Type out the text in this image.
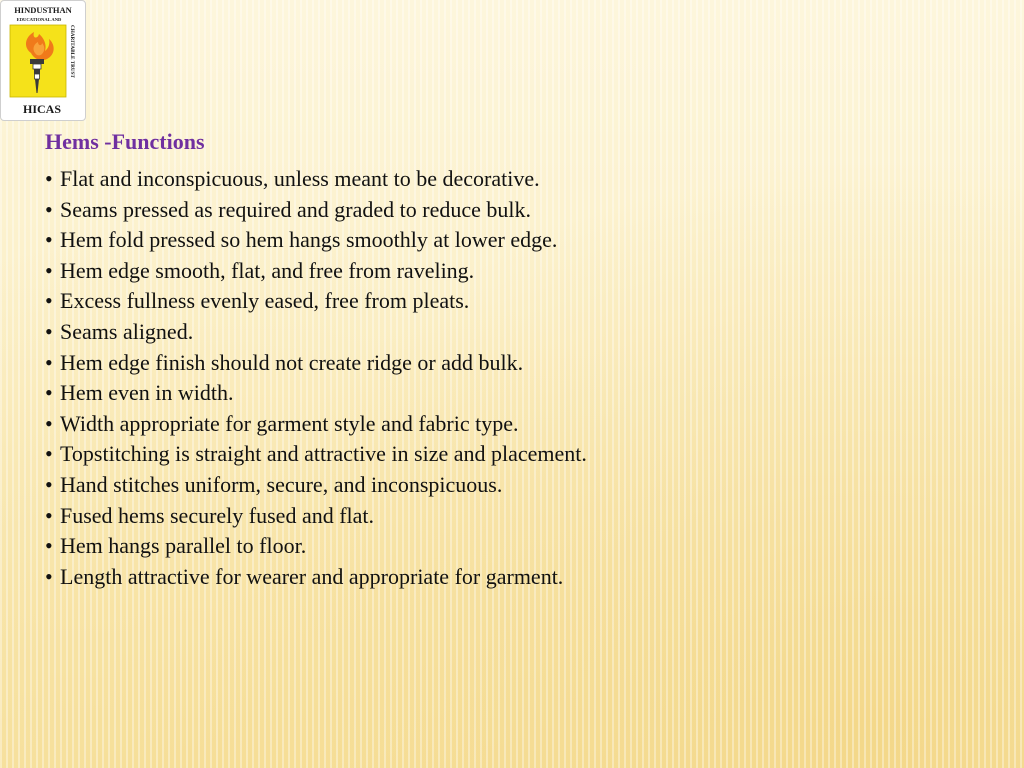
HINDUSTHAN
EDUCATIONAL AND
CHARITABLE TRUST
HICAS
Hems -Functions
• Flat and inconspicuous, unless meant to be decorative.
• Seams pressed as required and graded to reduce bulk.
• Hem fold pressed so hem hangs smoothly at lower edge.
• Hem edge smooth, flat, and free from raveling.
• Excess fullness evenly eased, free from pleats.
• Seams aligned.
• Hem edge finish should not create ridge or add bulk.
• Hem even in width.
• Width appropriate for garment style and fabric type.
• Topstitching is straight and attractive in size and placement.
• Hand stitches uniform, secure, and inconspicuous.
• Fused hems securely fused and flat.
• Hem hangs parallel to floor.
• Length attractive for wearer and appropriate for garment.
